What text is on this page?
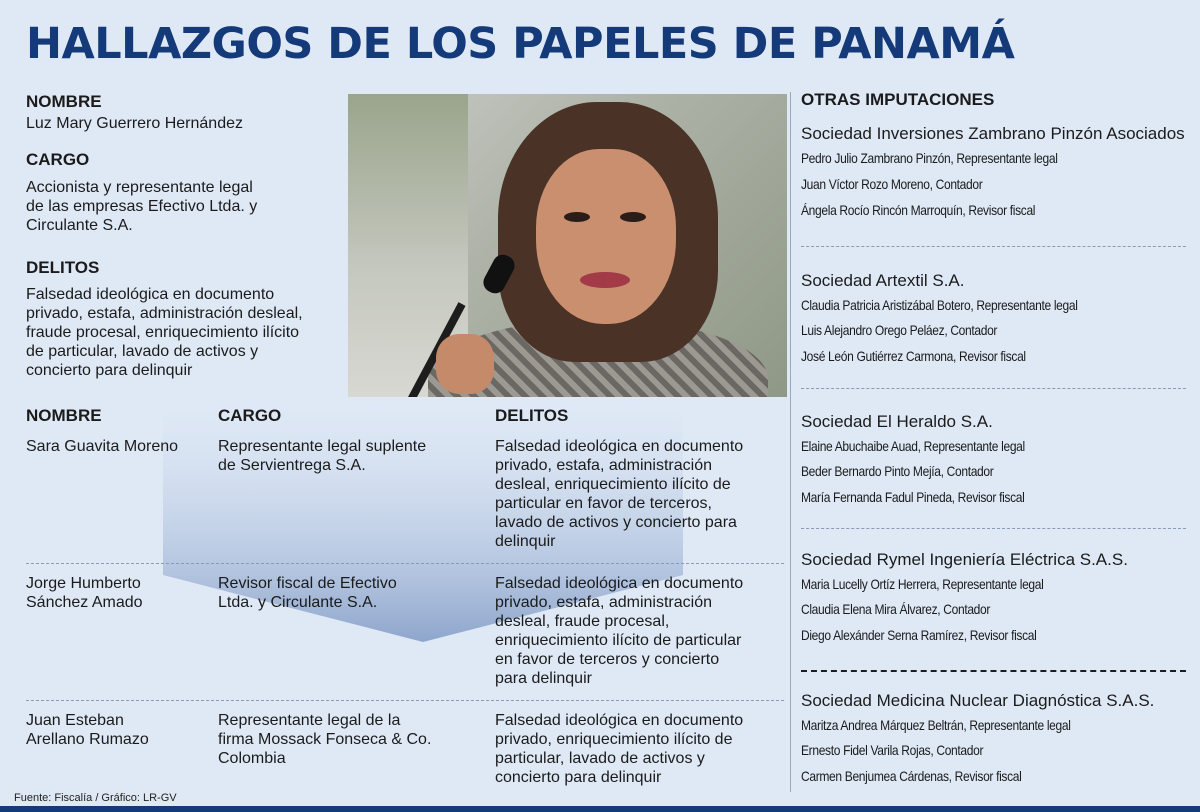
HALLAZGOS DE LOS PAPELES DE PANAMÁ
NOMBRE
Luz Mary Guerrero Hernández
CARGO
Accionista y representante legal
de las empresas Efectivo Ltda. y
Circulante S.A.
DELITOS
Falsedad ideológica en documento
privado, estafa, administración desleal,
fraude procesal, enriquecimiento ilícito
de particular, lavado de activos y
concierto para delinquir
NOMBRE	CARGO	DELITOS
Sara Guavita Moreno Representante legal suplente
de Servientrega S.A.
Falsedad ideológica en documento
privado, estafa, administración
desleal, enriquecimiento ilícito de
particular en favor de terceros,
lavado de activos y concierto para
delinquir
Jorge Humberto
Sánchez Amado
Revisor fiscal de Efectivo
Ltda. y Circulante S.A.
Falsedad ideológica en documento
privado, estafa, administración
desleal, fraude procesal,
enriquecimiento ilícito de particular
en favor de terceros y concierto
para delinquir
Juan Esteban
Arellano Rumazo
Representante legal de la
firma Mossack Fonseca & Co.
Colombia
Falsedad ideológica en documento
privado, enriquecimiento ilícito de
particular, lavado de activos y
concierto para delinquir
OTRAS IMPUTACIONES
Sociedad Inversiones Zambrano Pinzón Asociados
Pedro Julio Zambrano Pinzón, Representante legal
Juan Víctor Rozo Moreno, Contador
Ángela Rocío Rincón Marroquín, Revisor fiscal
Sociedad Artextil S.A.
Claudia Patricia Aristizábal Botero, Representante legal
Luis Alejandro Orego Peláez, Contador
José León Gutiérrez Carmona, Revisor fiscal
Sociedad El Heraldo S.A.
Elaine Abuchaibe Auad, Representante legal
Beder Bernardo Pinto Mejía, Contador
María Fernanda Fadul Pineda, Revisor fiscal
Sociedad Rymel Ingeniería Eléctrica S.A.S.
Maria Lucelly Ortíz Herrera, Representante legal
Claudia Elena Mira Álvarez, Contador
Diego Alexánder Serna Ramírez, Revisor fiscal
Sociedad Medicina Nuclear Diagnóstica S.A.S.
Maritza Andrea Márquez Beltrán, Representante legal
Ernesto Fidel Varila Rojas, Contador
Carmen Benjumea Cárdenas, Revisor fiscal
Fuente: Fiscalía / Gráfico: LR-GV
